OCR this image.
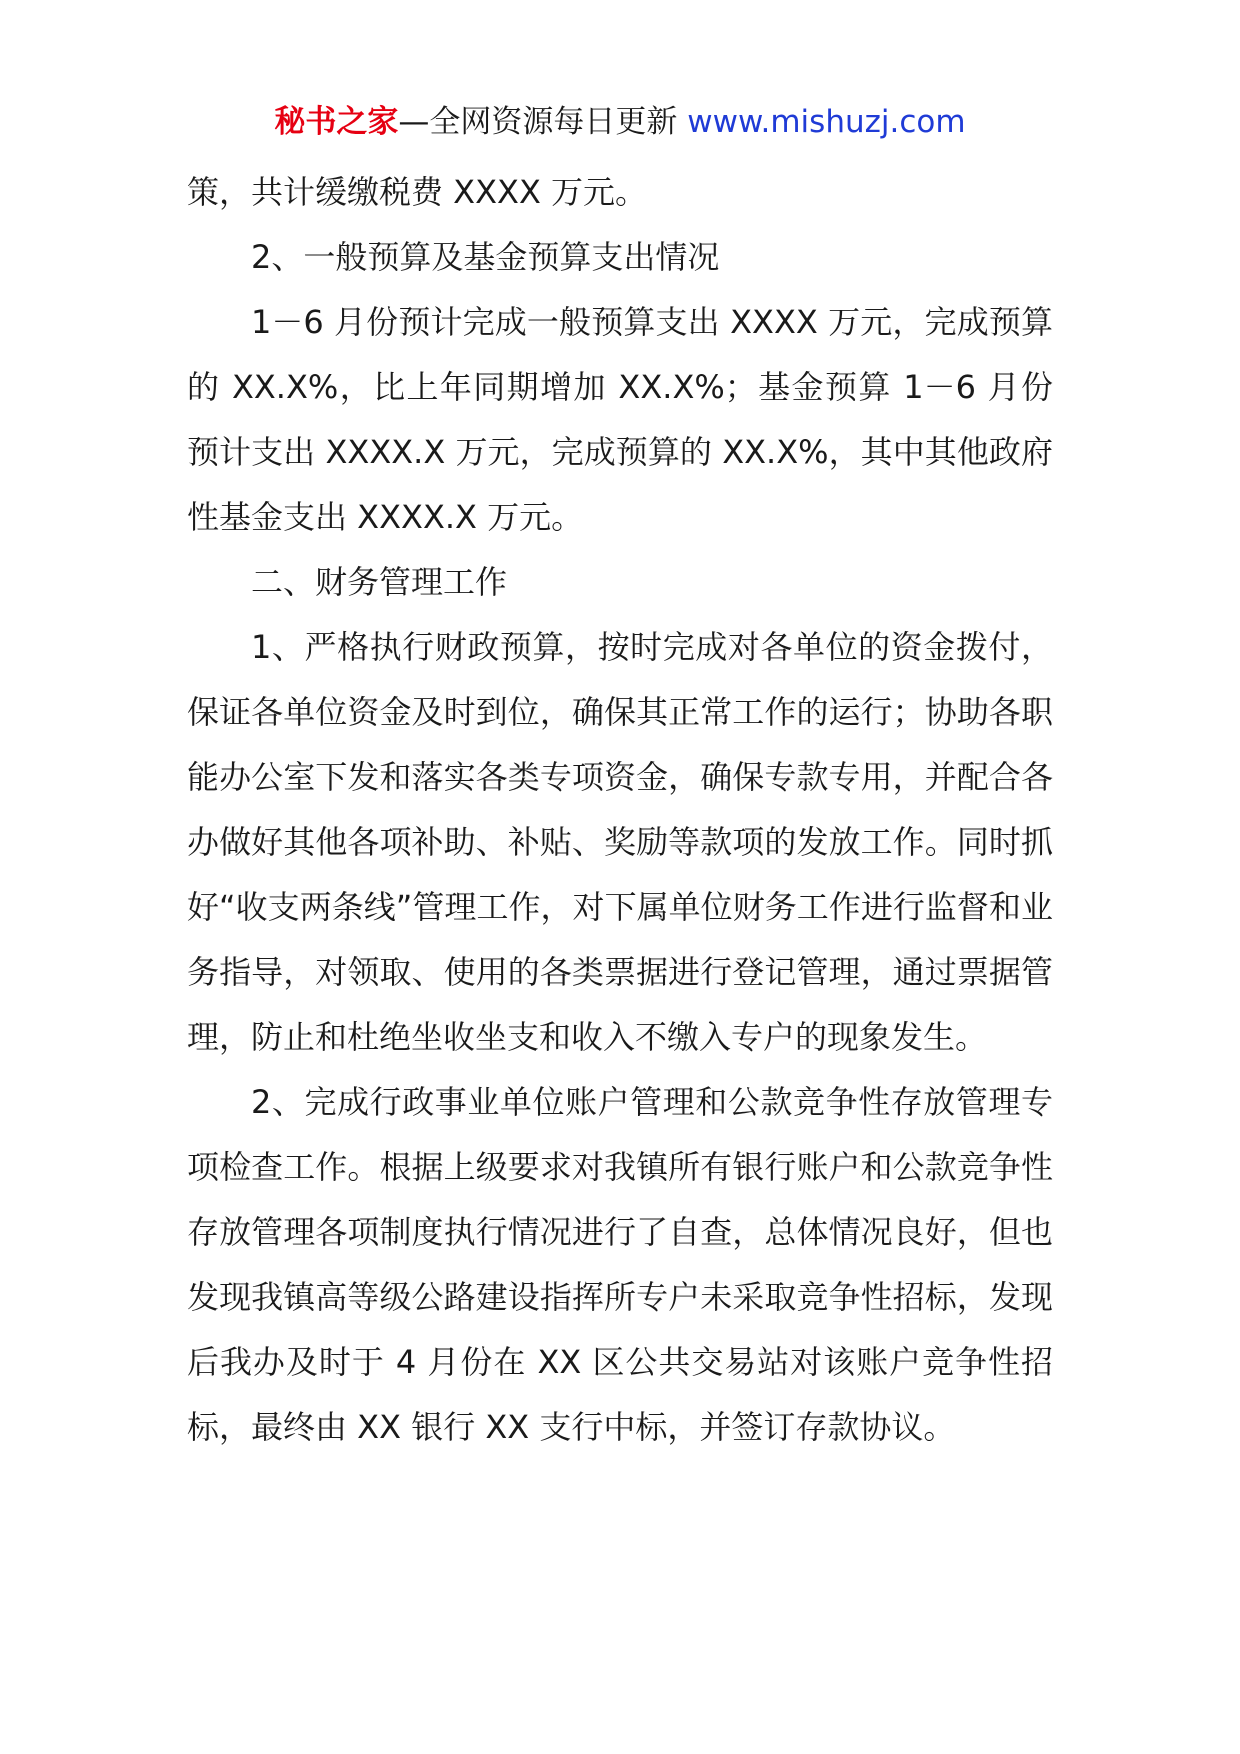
秘书之家—全网资源每日更新 www.mishuzj.com

策，共计缓缴税费 XXXX 万元。

2、一般预算及基金预算支出情况

1－6 月份预计完成一般预算支出 XXXX 万元，完成预算的 XX.X%，比上年同期增加 XX.X%；基金预算 1－6 月份预计支出 XXXX.X 万元，完成预算的 XX.X%，其中其他政府性基金支出 XXXX.X 万元。

二、财务管理工作

1、严格执行财政预算，按时完成对各单位的资金拨付，保证各单位资金及时到位，确保其正常工作的运行；协助各职能办公室下发和落实各类专项资金，确保专款专用，并配合各办做好其他各项补助、补贴、奖励等款项的发放工作。同时抓好“收支两条线”管理工作，对下属单位财务工作进行监督和业务指导，对领取、使用的各类票据进行登记管理，通过票据管理，防止和杜绝坐收坐支和收入不缴入专户的现象发生。

2、完成行政事业单位账户管理和公款竞争性存放管理专项检查工作。根据上级要求对我镇所有银行账户和公款竞争性存放管理各项制度执行情况进行了自查，总体情况良好，但也发现我镇高等级公路建设指挥所专户未采取竞争性招标，发现后我办及时于 4 月份在 XX 区公共交易站对该账户竞争性招标，最终由 XX 银行 XX 支行中标，并签订存款协议。
